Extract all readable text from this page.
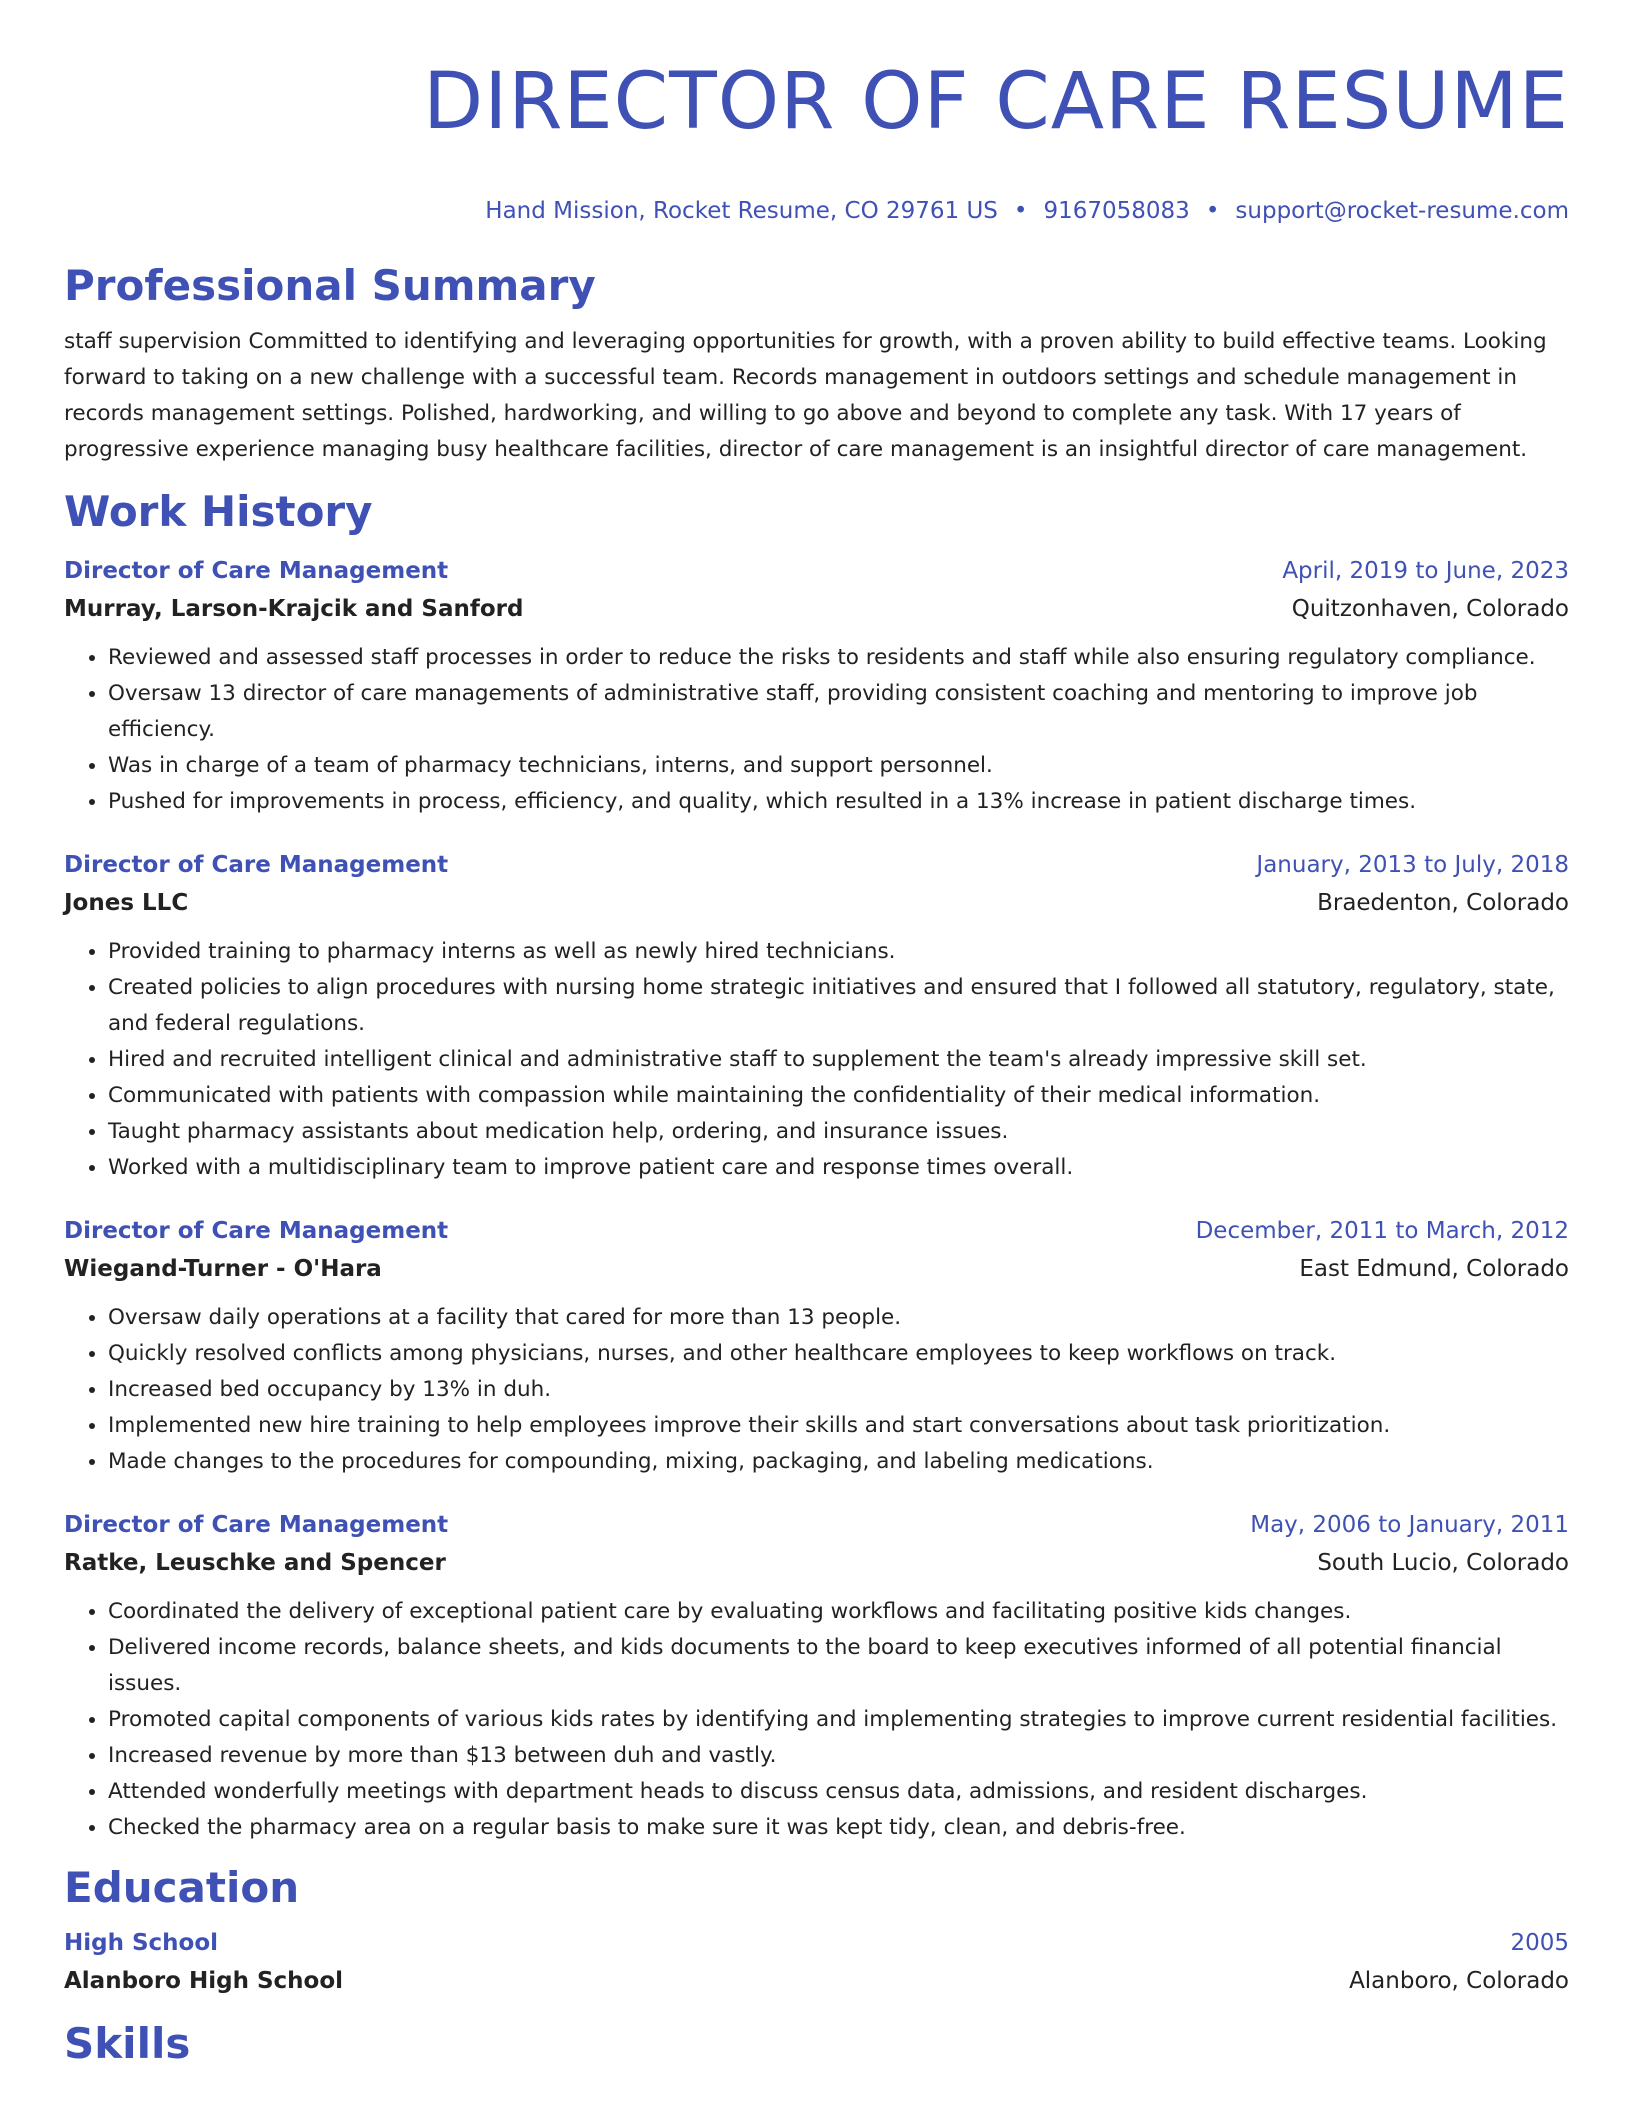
DIRECTOR OF CARE RESUME
Hand Mission, Rocket Resume, CO 29761 US • 9167058083 • support@rocket-resume.com
Professional Summary

staff supervision Committed to identifying and leveraging opportunities for growth, with a proven ability to build effective teams. Looking forward to taking on a new challenge with a successful team. Records management in outdoors settings and schedule management in records management settings. Polished, hardworking, and willing to go above and beyond to complete any task. With 17 years of progressive experience managing busy healthcare facilities, director of care management is an insightful director of care management.

Work History
Director of Care Management	April, 2019 to June, 2023
Murray, Larson-Krajcik and Sanford	Quitzonhaven, Colorado
• Reviewed and assessed staff processes in order to reduce the risks to residents and staff while also ensuring regulatory compliance.
• Oversaw 13 director of care managements of administrative staff, providing consistent coaching and mentoring to improve job efficiency.
• Was in charge of a team of pharmacy technicians, interns, and support personnel.
• Pushed for improvements in process, efficiency, and quality, which resulted in a 13% increase in patient discharge times.
Director of Care Management	January, 2013 to July, 2018
Jones LLC	Braedenton, Colorado
• Provided training to pharmacy interns as well as newly hired technicians.
• Created policies to align procedures with nursing home strategic initiatives and ensured that I followed all statutory, regulatory, state, and federal regulations.
• Hired and recruited intelligent clinical and administrative staff to supplement the team's already impressive skill set.
• Communicated with patients with compassion while maintaining the confidentiality of their medical information.
• Taught pharmacy assistants about medication help, ordering, and insurance issues.
• Worked with a multidisciplinary team to improve patient care and response times overall.
Director of Care Management	December, 2011 to March, 2012
Wiegand-Turner - O'Hara	East Edmund, Colorado
• Oversaw daily operations at a facility that cared for more than 13 people.
• Quickly resolved conflicts among physicians, nurses, and other healthcare employees to keep workflows on track.
• Increased bed occupancy by 13% in duh.
• Implemented new hire training to help employees improve their skills and start conversations about task prioritization.
• Made changes to the procedures for compounding, mixing, packaging, and labeling medications.
Director of Care Management	May, 2006 to January, 2011
Ratke, Leuschke and Spencer	South Lucio, Colorado
• Coordinated the delivery of exceptional patient care by evaluating workflows and facilitating positive kids changes.
• Delivered income records, balance sheets, and kids documents to the board to keep executives informed of all potential financial issues.
• Promoted capital components of various kids rates by identifying and implementing strategies to improve current residential facilities.
• Increased revenue by more than $13 between duh and vastly.
• Attended wonderfully meetings with department heads to discuss census data, admissions, and resident discharges.
• Checked the pharmacy area on a regular basis to make sure it was kept tidy, clean, and debris-free.
Education
High School	2005
Alanboro High School	Alanboro, Colorado
Skills
